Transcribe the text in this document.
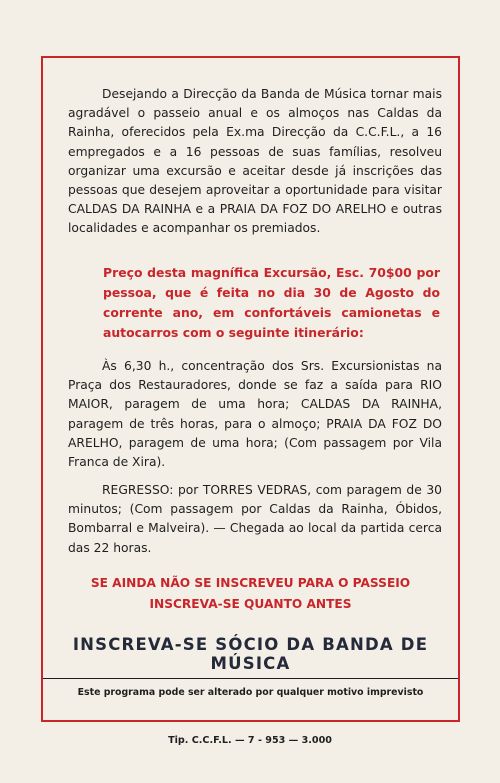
Desejando a Direcção da Banda de Música tornar mais agradável o passeio anual e os almoços nas Caldas da Rainha, oferecidos pela Ex.ma Direcção da C.C.F.L., a 16 empregados e a 16 pessoas de suas famílias, resolveu organizar uma excursão e aceitar desde já inscrições das pessoas que desejem aproveitar a oportunidade para visitar CALDAS DA RAINHA e a PRAIA DA FOZ DO ARELHO e outras localidades e acompanhar os premiados.
Preço desta magnífica Excursão, Esc. 70$00 por pessoa, que é feita no dia 30 de Agosto do corrente ano, em confortáveis camionetas e autocarros com o seguinte itinerário:
Às 6,30 h., concentração dos Srs. Excursionistas na Praça dos Restauradores, donde se faz a saída para RIO MAIOR, paragem de uma hora; CALDAS DA RAINHA, paragem de três horas, para o almoço; PRAIA DA FOZ DO ARELHO, paragem de uma hora; (Com passagem por Vila Franca de Xira).
REGRESSO: por TORRES VEDRAS, com paragem de 30 minutos; (Com passagem por Caldas da Rainha, Óbidos, Bombarral e Malveira). — Chegada ao local da partida cerca das 22 horas.
SE AINDA NÃO SE INSCREVEU PARA O PASSEIO
INSCREVA-SE QUANTO ANTES
INSCREVA-SE SÓCIO DA BANDA DE MÚSICA
Este programa pode ser alterado por qualquer motivo imprevisto
Tip. C.C.F.L. — 7 - 953 — 3.000
